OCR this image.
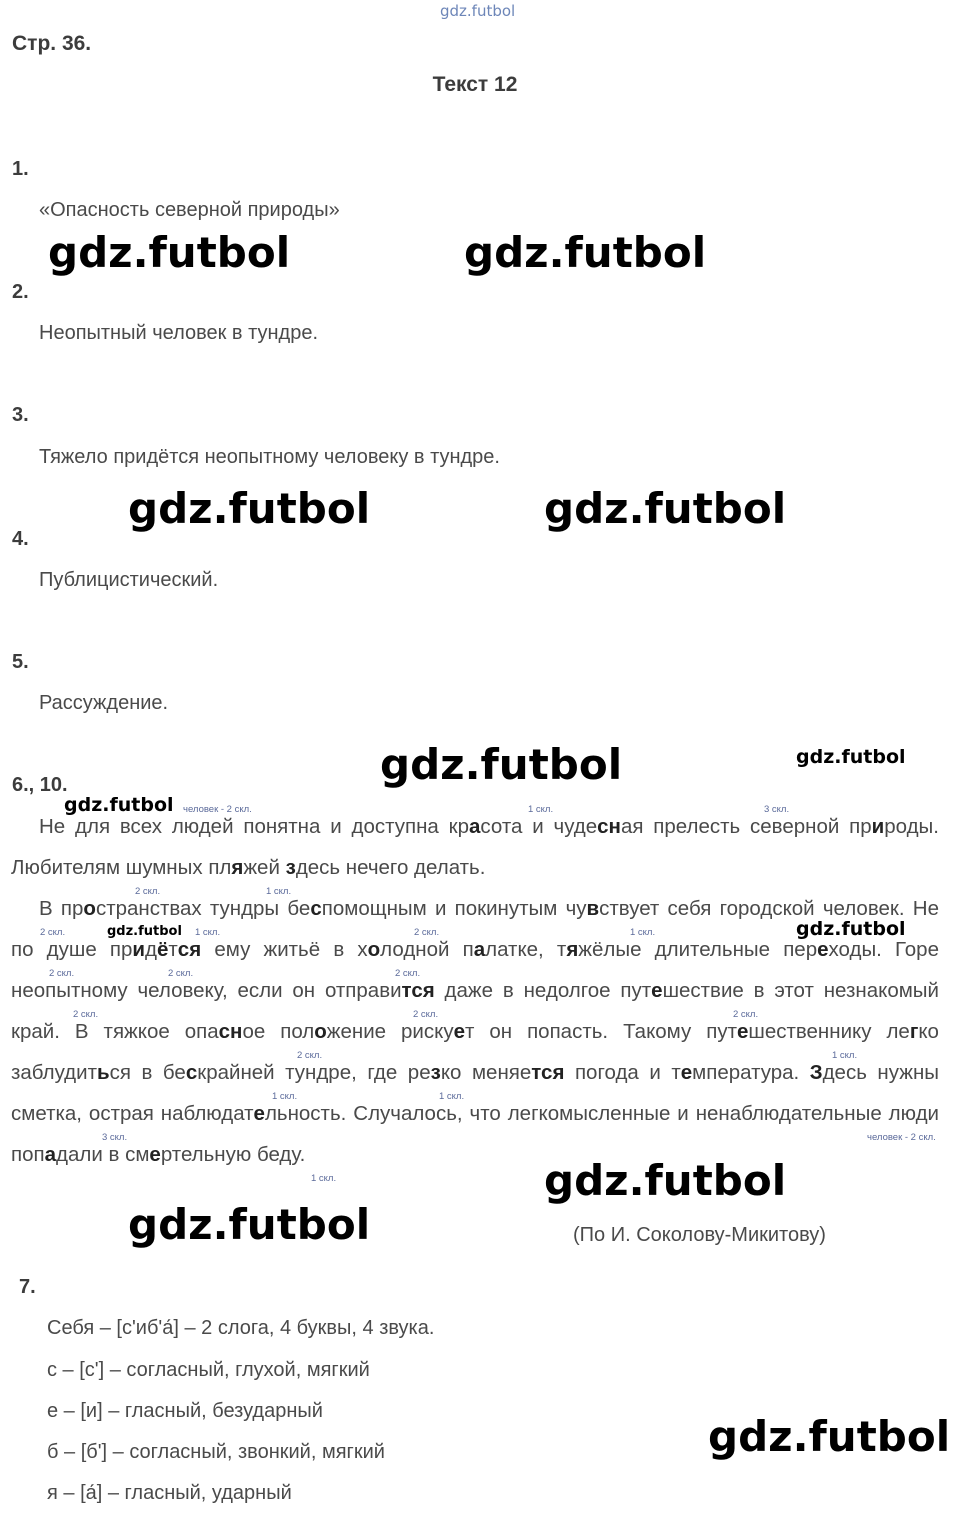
gdz.futbol
Стр. 36.
Текст 12
1.
«Опасность северной природы»
2.
Неопытный человек в тундре.
3.
Тяжело придётся неопытному человеку в тундре.
4.
Публицистический.
5.
Рассуждение.
6., 10.
человек - 2 скл.	1 скл.	3 скл.
2 скл.	1 скл.
2 скл.	1 скл.	2 скл.	1 скл.
2 скл.	2 скл.	2 скл.
2 скл.	2 скл.	2 скл.
2 скл.	1 скл.
1 скл.	1 скл.
3 скл.	человек - 2 скл.
1 скл.
Не для всех людей понятна и доступна красота и чудесная прелесть северной природы. Любителям шумных пляжей здесь нечего делать.
В пространствах тундры беспомощным и покинутым чувствует себя городской человек. Не по душе придётся ему житьё в холодной палатке, тяжёлые длительные переходы. Горе неопытному человеку, если он отправится даже в недолгое путешествие в этот незнакомый край. В тяжкое опасное положение рискует он попасть. Такому путешественнику легко заблудиться в бескрайней тундре, где резко меняется погода и температура. Здесь нужны сметка, острая наблюдательность. Случалось, что легкомысленные и ненаблюдательные люди попадали в смертельную беду.
(По И. Соколову-Микитову)
7.
Себя – [с'иб'а́] – 2 слога, 4 буквы, 4 звука.
с – [с'] – согласный, глухой, мягкий
е – [и] – гласный, безударный
б – [б'] – согласный, звонкий, мягкий
я – [а́] – гласный, ударный
gdz.futbol	gdz.futbol
gdz.futbol	gdz.futbol
gdz.futbol	gdz.futbol
gdz.futbol
gdz.futbol
gdz.futbol
gdz.futbol
gdz.futbol
gdz.futbol
